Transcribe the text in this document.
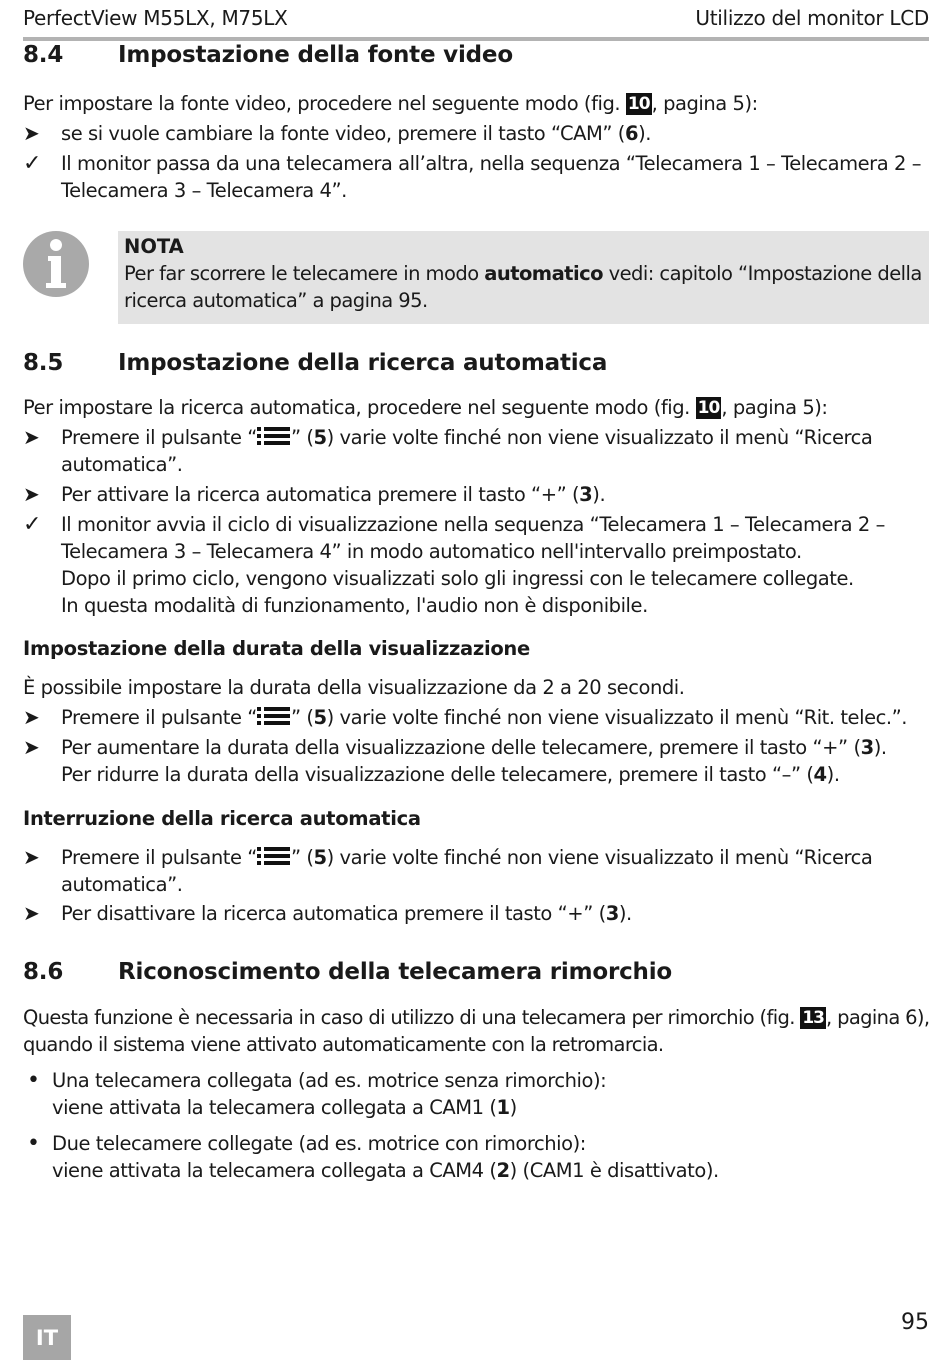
PerfectView M55LX, M75LX	Utilizzo del monitor LCD
8.4 Impostazione della fonte video
Per impostare la fonte video, procedere nel seguente modo (fig. 10 , pagina 5):
➤	se si vuole cambiare la fonte video, premere il tasto “CAM” (6).
✓	Il monitor passa da una telecamera all’altra, nella sequenza “Telecamera 1 – Telecamera 2 –
Telecamera 3 – Telecamera 4”.
NOTA
Per far scorrere le telecamere in modo automatico vedi: capitolo “Impostazione della
ricerca automatica” a pagina 95.
8.5 Impostazione della ricerca automatica
Per impostare la ricerca automatica, procedere nel seguente modo (fig. 10 , pagina 5):
➤	Premere il pulsante “ ” (5) varie volte finché non viene visualizzato il menù “Ricerca
automatica”.
➤	Per attivare la ricerca automatica premere il tasto “+” (3).
✓	Il monitor avvia il ciclo di visualizzazione nella sequenza “Telecamera 1 – Telecamera 2 –
Telecamera 3 – Telecamera 4” in modo automatico nell'intervallo preimpostato.
Dopo il primo ciclo, vengono visualizzati solo gli ingressi con le telecamere collegate.
In questa modalità di funzionamento, l'audio non è disponibile.
Impostazione della durata della visualizzazione
È possibile impostare la durata della visualizzazione da 2 a 20 secondi.
➤	Premere il pulsante “ ” (5) varie volte finché non viene visualizzato il menù “Rit. telec.”.
➤	Per aumentare la durata della visualizzazione delle telecamere, premere il tasto “+” (3).
Per ridurre la durata della visualizzazione delle telecamere, premere il tasto “–” (4).
Interruzione della ricerca automatica
➤	Premere il pulsante “ ” (5) varie volte finché non viene visualizzato il menù “Ricerca
automatica”.
➤	Per disattivare la ricerca automatica premere il tasto “+” (3).
8.6 Riconoscimento della telecamera rimorchio
Questa funzione è necessaria in caso di utilizzo di una telecamera per rimorchio (fig. 13 , pagina 6),
quando il sistema viene attivato automaticamente con la retromarcia.
• Una telecamera collegata (ad es. motrice senza rimorchio):
viene attivata la telecamera collegata a CAM1 (1)
• Due telecamere collegate (ad es. motrice con rimorchio):
viene attivata la telecamera collegata a CAM4 (2) (CAM1 è disattivato).
IT
95
